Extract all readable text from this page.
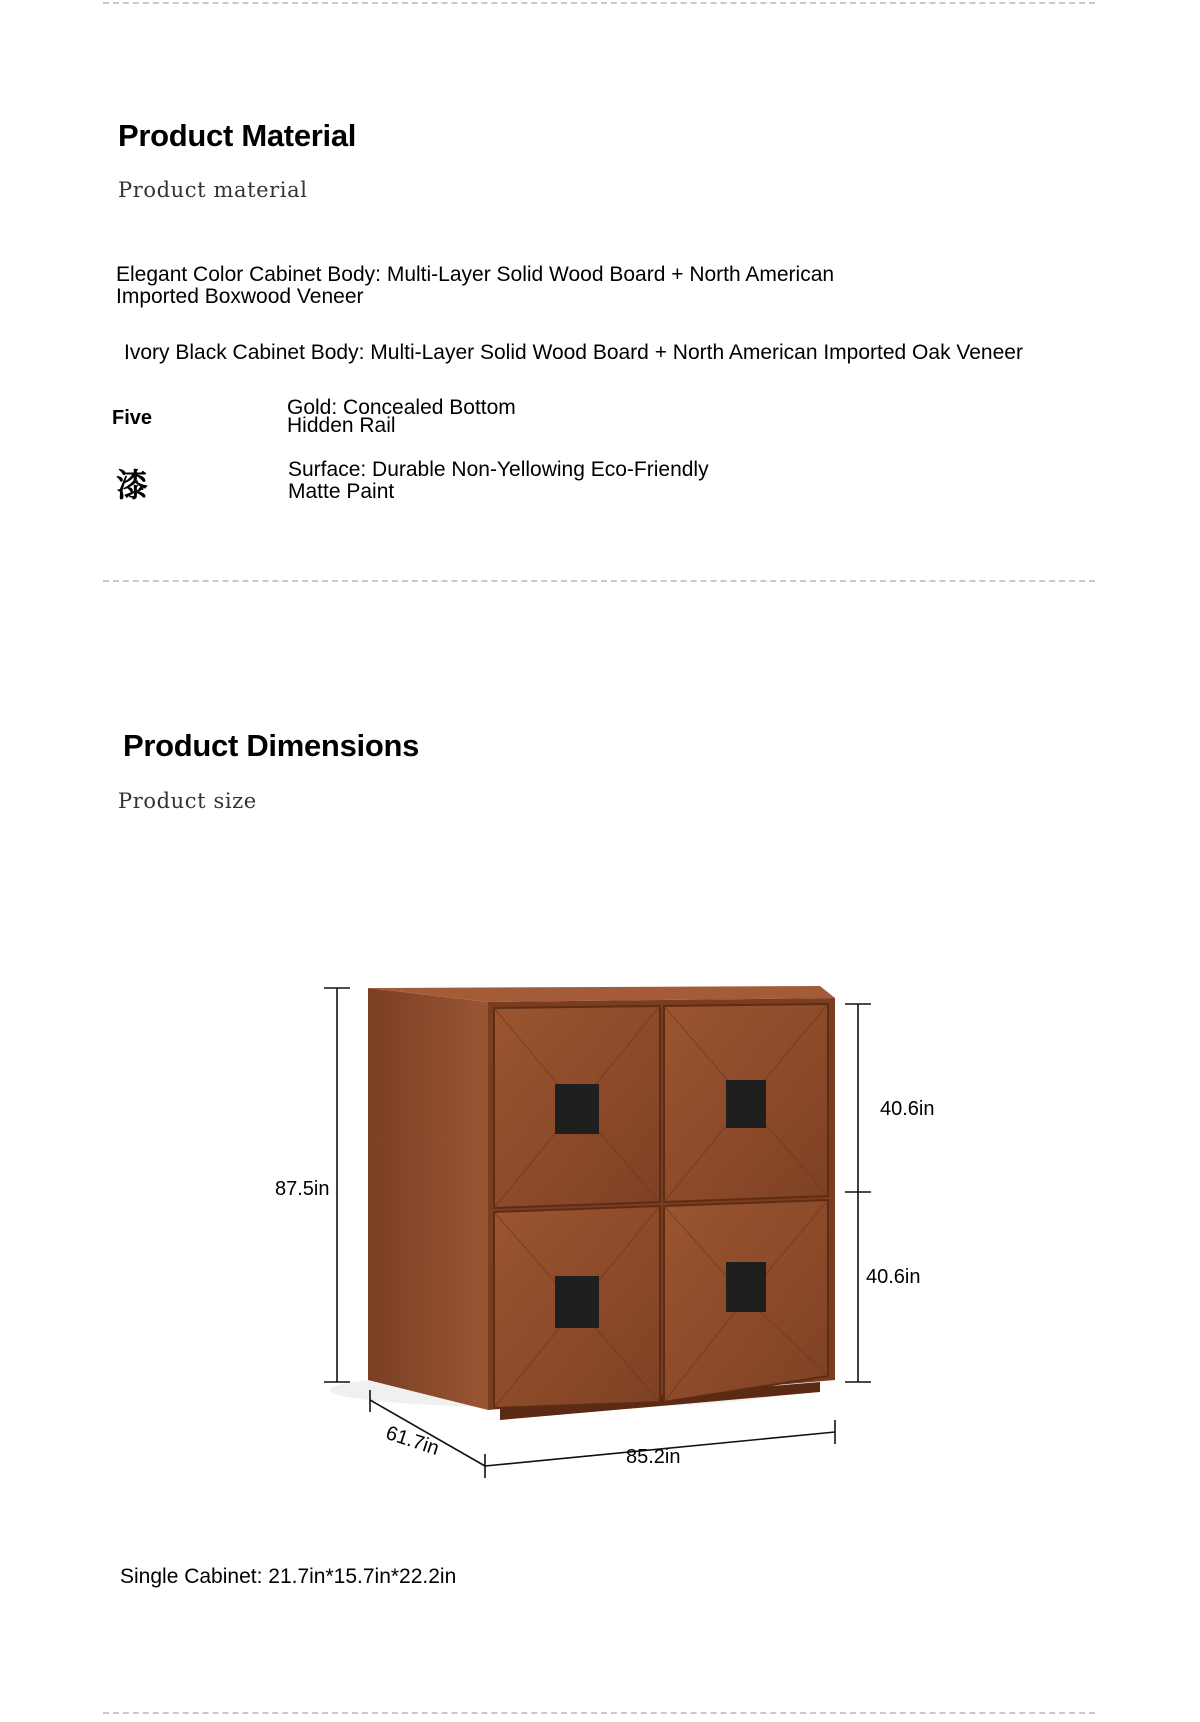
Product Material
Product material
Elegant Color Cabinet Body: Multi-Layer Solid Wood Board + North American Imported Boxwood Veneer
Ivory Black Cabinet Body: Multi-Layer Solid Wood Board + North American Imported Oak Veneer
Five	Gold: Concealed Bottom Hidden Rail
漆	Surface: Durable Non-Yellowing Eco-Friendly Matte Paint
Product Dimensions
Product size
87.5in
40.6in
40.6in
61.7in	85.2in
Single Cabinet: 21.7in*15.7in*22.2in
